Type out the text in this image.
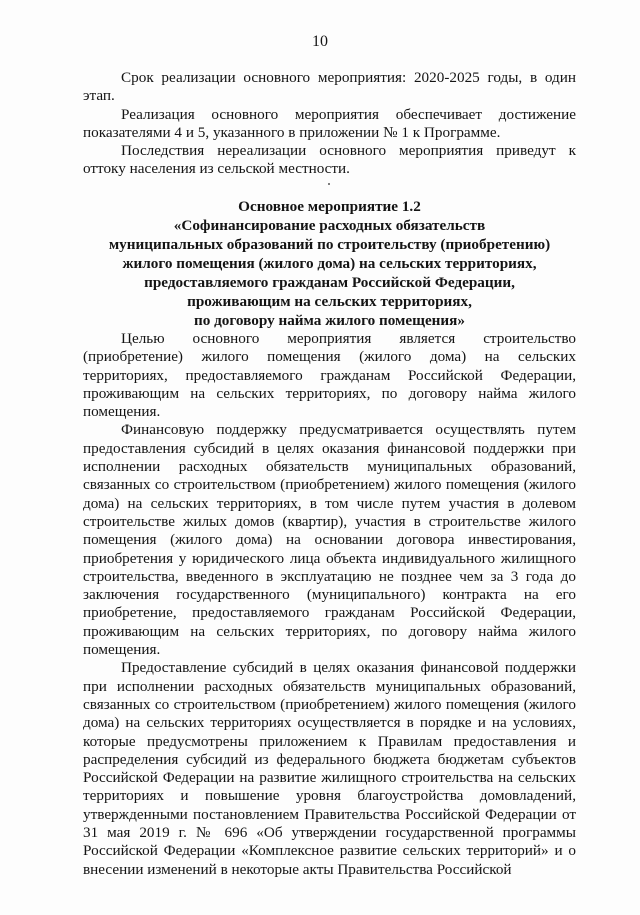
10

Срок реализации основного мероприятия: 2020-2025 годы, в один этап.

Реализация основного мероприятия обеспечивает достижение показателями 4 и 5, указанного в приложении № 1 к Программе.

Последствия нереализации основного мероприятия приведут к оттоку населения из сельской местности.

Основное мероприятие 1.2
«Софинансирование расходных обязательств
муниципальных образований по строительству (приобретению)
жилого помещения (жилого дома) на сельских территориях,
предоставляемого гражданам Российской Федерации,
проживающим на сельских территориях,
по договору найма жилого помещения»

Целью основного мероприятия является строительство (приобретение) жилого помещения (жилого дома) на сельских территориях, предоставляемого гражданам Российской Федерации, проживающим на сельских территориях, по договору найма жилого помещения.

Финансовую поддержку предусматривается осуществлять путем предоставления субсидий в целях оказания финансовой поддержки при исполнении расходных обязательств муниципальных образований, связанных со строительством (приобретением) жилого помещения (жилого дома) на сельских территориях, в том числе путем участия в долевом строительстве жилых домов (квартир), участия в строительстве жилого помещения (жилого дома) на основании договора инвестирования, приобретения у юридического лица объекта индивидуального жилищного строительства, введенного в эксплуатацию не позднее чем за 3 года до заключения государственного (муниципального) контракта на его приобретение, предоставляемого гражданам Российской Федерации, проживающим на сельских территориях, по договору найма жилого помещения.

Предоставление субсидий в целях оказания финансовой поддержки при исполнении расходных обязательств муниципальных образований, связанных со строительством (приобретением) жилого помещения (жилого дома) на сельских территориях осуществляется в порядке и на условиях, которые предусмотрены приложением к Правилам предоставления и распределения субсидий из федерального бюджета бюджетам субъектов Российской Федерации на развитие жилищного строительства на сельских территориях и повышение уровня благоустройства домовладений, утвержденными постановлением Правительства Российской Федерации от 31 мая 2019 г. № 696 «Об утверждении государственной программы Российской Федерации «Комплексное развитие сельских территорий» и о внесении изменений в некоторые акты Правительства Российской
